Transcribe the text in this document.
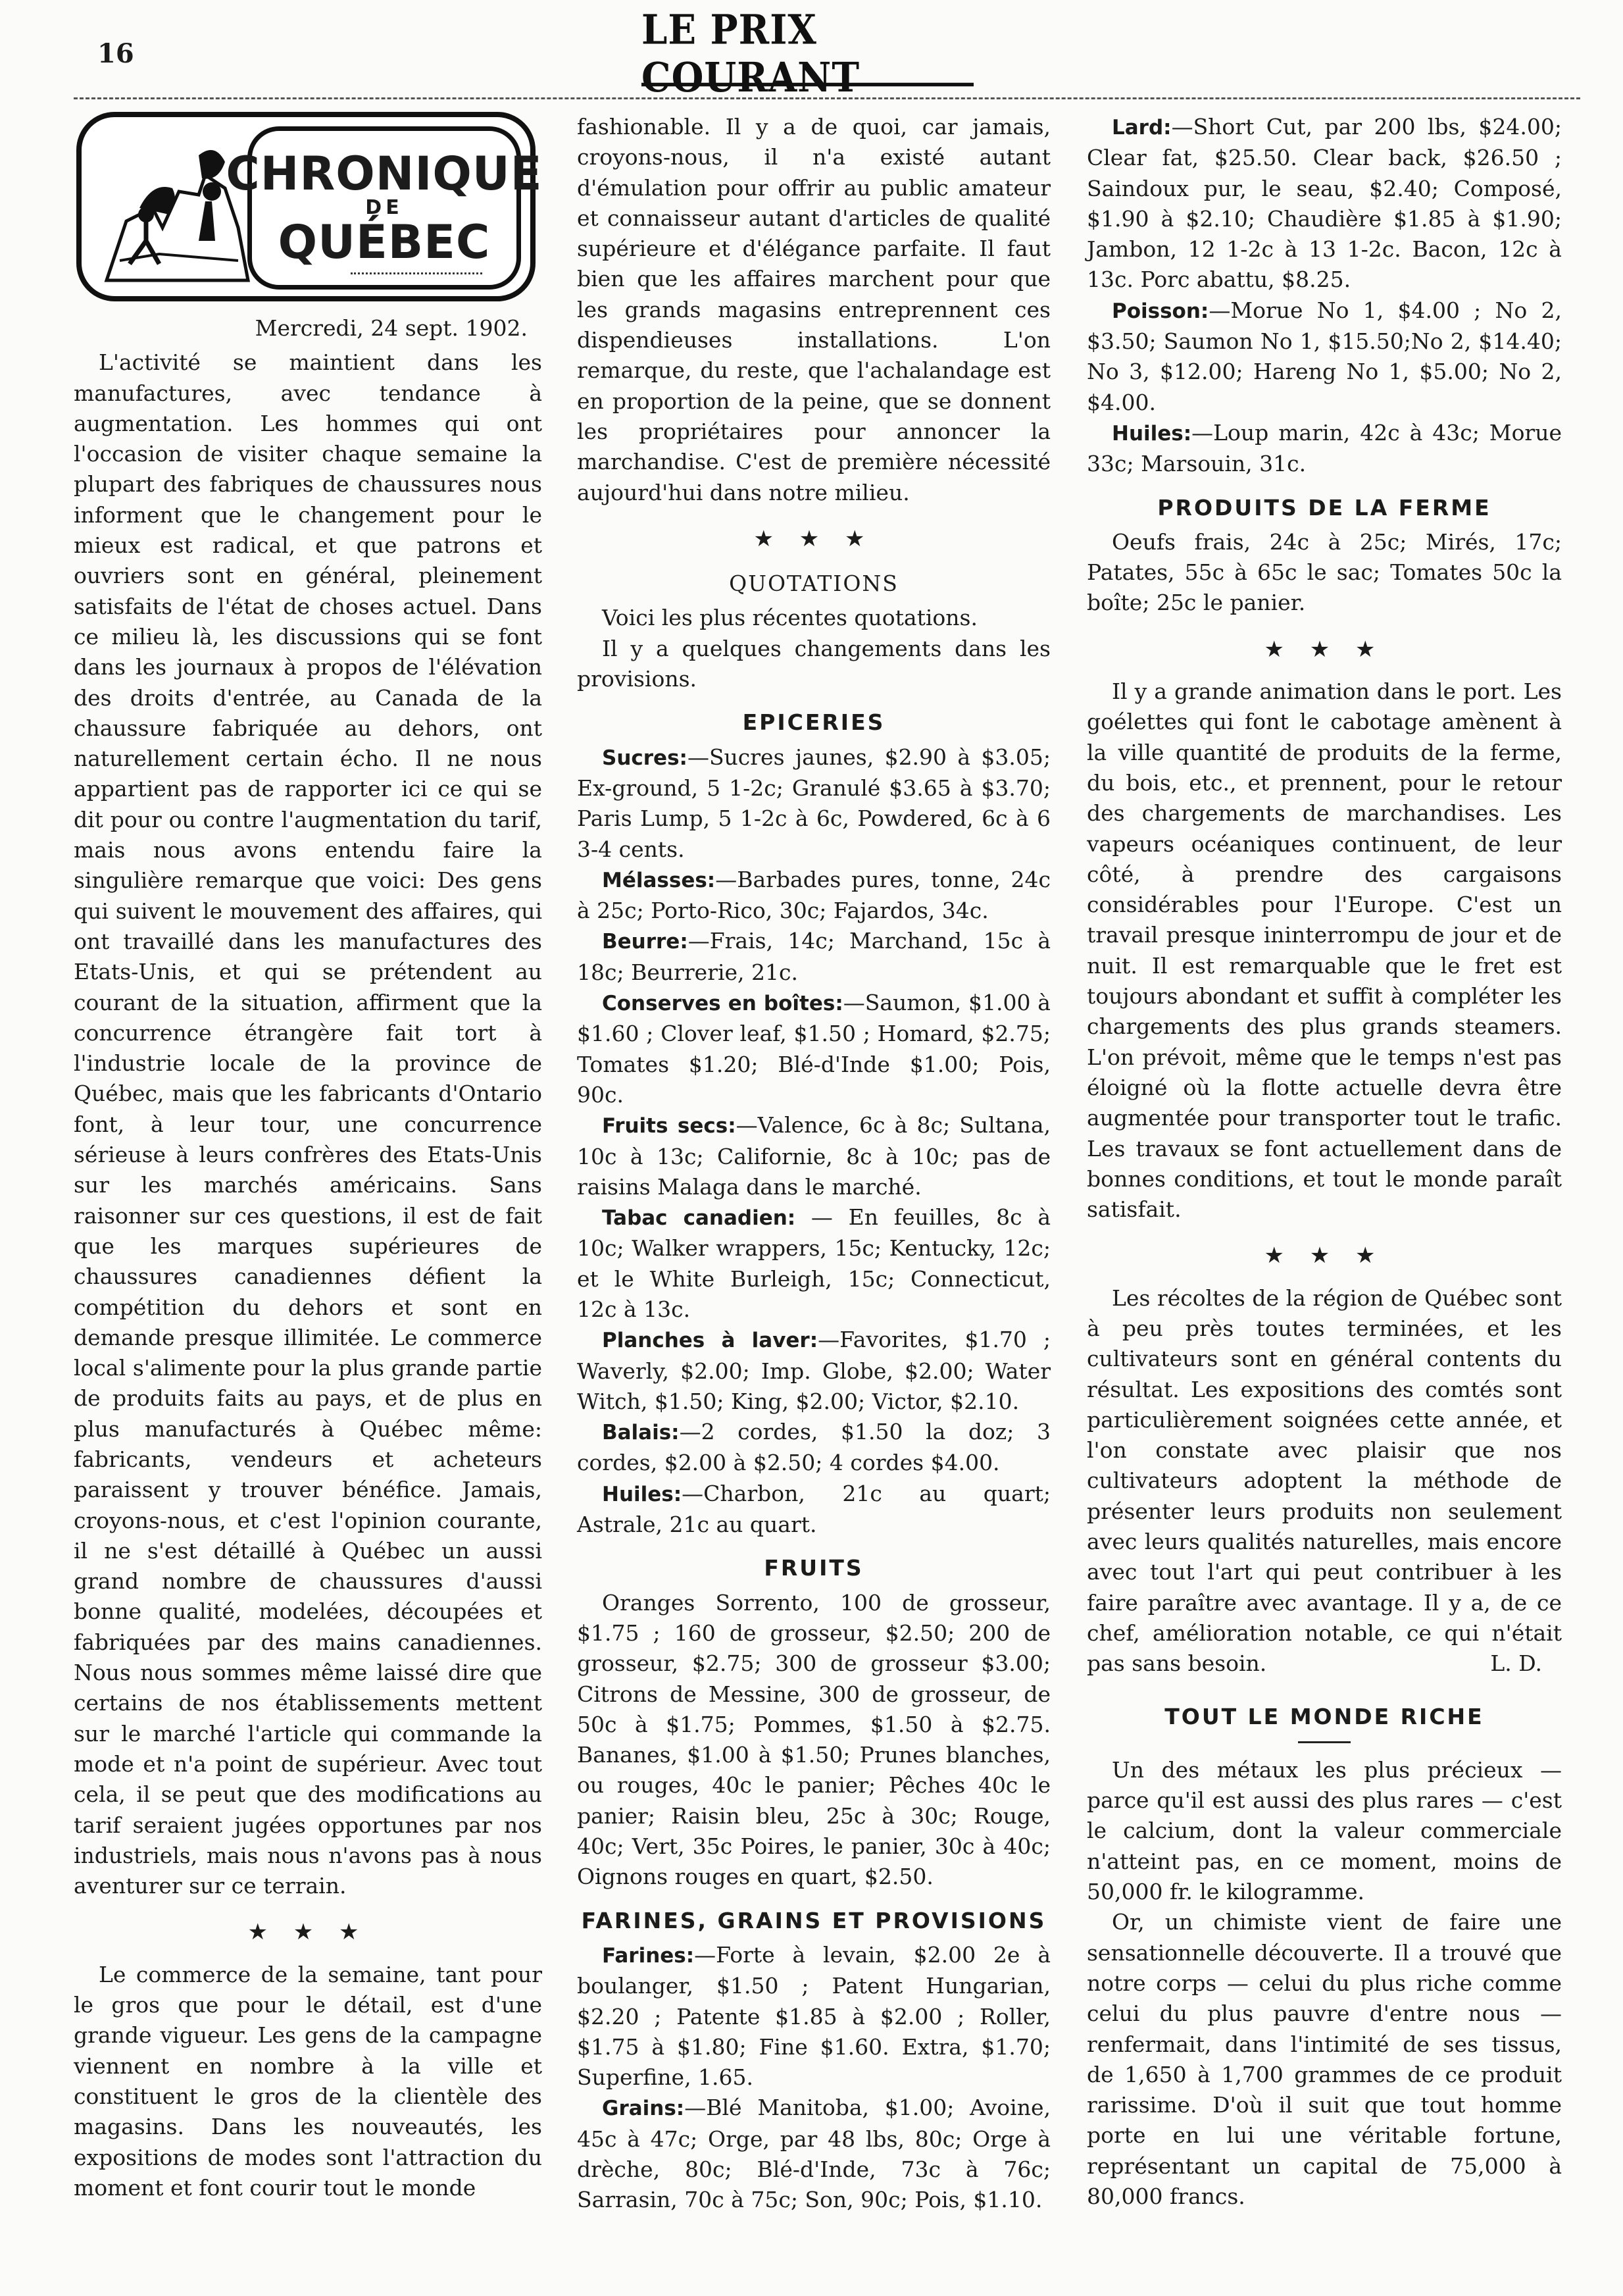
16	LE PRIX COURANT
CHRONIQUE
DE
QUÉBEC
Mercredi, 24 sept. 1902.

L'activité se maintient dans les manufactures, avec tendance à augmentation. Les hommes qui ont l'occasion de visiter chaque semaine la plupart des fabriques de chaussures nous informent que le changement pour le mieux est radical, et que patrons et ouvriers sont en général, pleinement satisfaits de l'état de choses actuel. Dans ce milieu là, les discussions qui se font dans les journaux à propos de l'élévation des droits d'entrée, au Canada de la chaussure fabriquée au dehors, ont naturellement certain écho. Il ne nous appartient pas de rapporter ici ce qui se dit pour ou contre l'augmentation du tarif, mais nous avons entendu faire la singulière remarque que voici: Des gens qui suivent le mouvement des affaires, qui ont travaillé dans les manufactures des Etats-Unis, et qui se prétendent au courant de la situation, affirment que la concurrence étrangère fait tort à l'industrie locale de la province de Québec, mais que les fabricants d'Ontario font, à leur tour, une concurrence sérieuse à leurs confrères des Etats-Unis sur les marchés américains. Sans raisonner sur ces questions, il est de fait que les marques supérieures de chaussures canadiennes défient la compétition du dehors et sont en demande presque illimitée. Le commerce local s'alimente pour la plus grande partie de produits faits au pays, et de plus en plus manufacturés à Québec même: fabricants, vendeurs et acheteurs paraissent y trouver bénéfice. Jamais, croyons-nous, et c'est l'opinion courante, il ne s'est détaillé à Québec un aussi grand nombre de chaussures d'aussi bonne qualité, modelées, découpées et fabriquées par des mains canadiennes. Nous nous sommes même laissé dire que certains de nos établissements mettent sur le marché l'article qui commande la mode et n'a point de supérieur. Avec tout cela, il se peut que des modifications au tarif seraient jugées opportunes par nos industriels, mais nous n'avons pas à nous aventurer sur ce terrain.

★ ★ ★

Le commerce de la semaine, tant pour le gros que pour le détail, est d'une grande vigueur. Les gens de la campagne viennent en nombre à la ville et constituent le gros de la clientèle des magasins. Dans les nouveautés, les expositions de modes sont l'attraction du moment et font courir tout le monde

fashionable. Il y a de quoi, car jamais, croyons-nous, il n'a existé autant d'émulation pour offrir au public amateur et connaisseur autant d'articles de qualité supérieure et d'élégance parfaite. Il faut bien que les affaires marchent pour que les grands magasins entreprennent ces dispendieuses installations. L'on remarque, du reste, que l'achalandage est en proportion de la peine, que se donnent les propriétaires pour annoncer la marchandise. C'est de première nécessité aujourd'hui dans notre milieu.

★ ★ ★
QUOTATIONS

Voici les plus récentes quotations.

Il y a quelques changements dans les provisions.

EPICERIES

Sucres:—Sucres jaunes, $2.90 à $3.05; Ex-ground, 5 1-2c; Granulé $3.65 à $3.70; Paris Lump, 5 1-2c à 6c, Powdered, 6c à 6 3-4 cents.

Mélasses:—Barbades pures, tonne, 24c à 25c; Porto-Rico, 30c; Fajardos, 34c.

Beurre:—Frais, 14c; Marchand, 15c à 18c; Beurrerie, 21c.

Conserves en boîtes:—Saumon, $1.00 à $1.60 ; Clover leaf, $1.50 ; Homard, $2.75; Tomates $1.20; Blé-d'Inde $1.00; Pois, 90c.

Fruits secs:—Valence, 6c à 8c; Sultana, 10c à 13c; Californie, 8c à 10c; pas de raisins Malaga dans le marché.

Tabac canadien: — En feuilles, 8c à 10c; Walker wrappers, 15c; Kentucky, 12c; et le White Burleigh, 15c; Connecticut, 12c à 13c.

Planches à laver:—Favorites, $1.70 ; Waverly, $2.00; Imp. Globe, $2.00; Water Witch, $1.50; King, $2.00; Victor, $2.10.

Balais:—2 cordes, $1.50 la doz; 3 cordes, $2.00 à $2.50; 4 cordes $4.00.

Huiles:—Charbon, 21c au quart; Astrale, 21c au quart.

FRUITS

Oranges Sorrento, 100 de grosseur, $1.75 ; 160 de grosseur, $2.50; 200 de grosseur, $2.75; 300 de grosseur $3.00; Citrons de Messine, 300 de grosseur, de 50c à $1.75; Pommes, $1.50 à $2.75. Bananes, $1.00 à $1.50; Prunes blanches, ou rouges, 40c le panier; Pêches 40c le panier; Raisin bleu, 25c à 30c; Rouge, 40c; Vert, 35c Poires, le panier, 30c à 40c; Oignons rouges en quart, $2.50.

FARINES, GRAINS ET PROVISIONS

Farines:—Forte à levain, $2.00 2e à boulanger, $1.50 ; Patent Hungarian, $2.20 ; Patente $1.85 à $2.00 ; Roller, $1.75 à $1.80; Fine $1.60. Extra, $1.70; Superfine, 1.65.

Grains:—Blé Manitoba, $1.00; Avoine, 45c à 47c; Orge, par 48 lbs, 80c; Orge à drèche, 80c; Blé-d'Inde, 73c à 76c; Sarrasin, 70c à 75c; Son, 90c; Pois, $1.10.

Lard:—Short Cut, par 200 lbs, $24.00; Clear fat, $25.50. Clear back, $26.50 ; Saindoux pur, le seau, $2.40; Composé, $1.90 à $2.10; Chaudière $1.85 à $1.90; Jambon, 12 1-2c à 13 1-2c. Bacon, 12c à 13c. Porc abattu, $8.25.

Poisson:—Morue No 1, $4.00 ; No 2, $3.50; Saumon No 1, $15.50;No 2, $14.40; No 3, $12.00; Hareng No 1, $5.00; No 2, $4.00.

Huiles:—Loup marin, 42c à 43c; Morue 33c; Marsouin, 31c.

PRODUITS DE LA FERME

Oeufs frais, 24c à 25c; Mirés, 17c; Patates, 55c à 65c le sac; Tomates 50c la boîte; 25c le panier.

★ ★ ★

Il y a grande animation dans le port. Les goélettes qui font le cabotage amènent à la ville quantité de produits de la ferme, du bois, etc., et prennent, pour le retour des chargements de marchandises. Les vapeurs océaniques continuent, de leur côté, à prendre des cargaisons considérables pour l'Europe. C'est un travail presque ininterrompu de jour et de nuit. Il est remarquable que le fret est toujours abondant et suffit à compléter les chargements des plus grands steamers. L'on prévoit, même que le temps n'est pas éloigné où la flotte actuelle devra être augmentée pour transporter tout le trafic. Les travaux se font actuellement dans de bonnes conditions, et tout le monde paraît satisfait.

★ ★ ★

Les récoltes de la région de Québec sont à peu près toutes terminées, et les cultivateurs sont en général contents du résultat. Les expositions des comtés sont particulièrement soignées cette année, et l'on constate avec plaisir que nos cultivateurs adoptent la méthode de présenter leurs produits non seulement avec leurs qualités naturelles, mais encore avec tout l'art qui peut contribuer à les faire paraître avec avantage. Il y a, de ce chef, amélioration notable, ce qui n'était pas sans besoin.	L. D.

TOUT LE MONDE RICHE

Un des métaux les plus précieux — parce qu'il est aussi des plus rares — c'est le calcium, dont la valeur commerciale n'atteint pas, en ce moment, moins de 50,000 fr. le kilogramme.

Or, un chimiste vient de faire une sensationnelle découverte. Il a trouvé que notre corps — celui du plus riche comme celui du plus pauvre d'entre nous — renfermait, dans l'intimité de ses tissus, de 1,650 à 1,700 grammes de ce produit rarissime. D'où il suit que tout homme porte en lui une véritable fortune, représentant un capital de 75,000 à 80,000 francs.
